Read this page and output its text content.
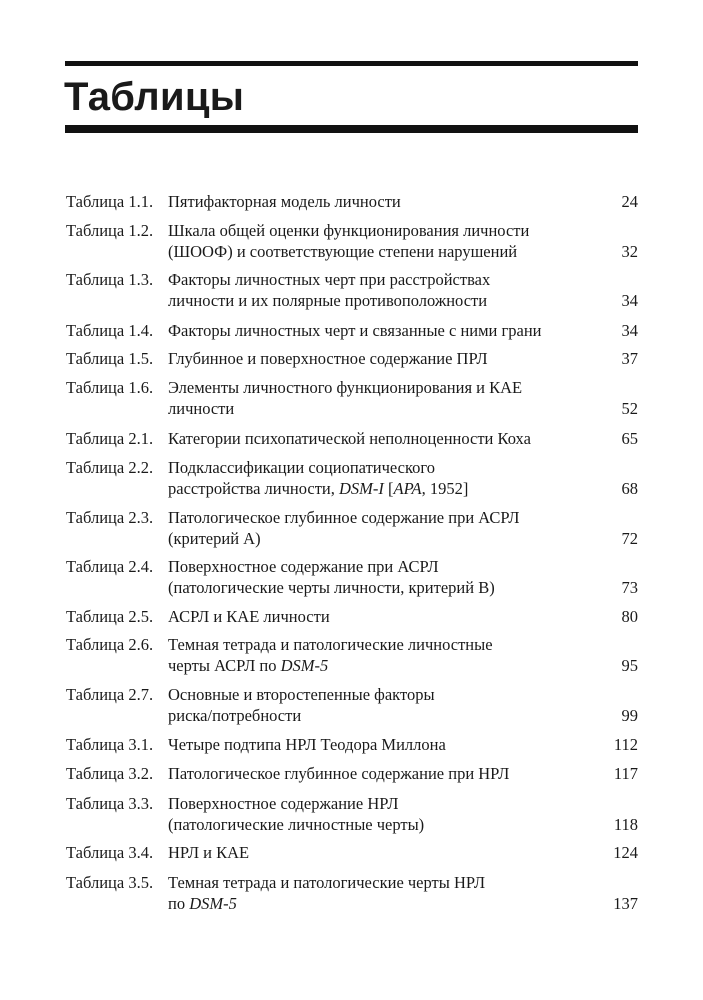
Таблицы
Таблица 1.1. Пятифакторная модель личности	24
Таблица 1.2. Шкала общей оценки функционирования личности
(ШООФ) и соответствующие степени нарушений	32
Таблица 1.3. Факторы личностных черт при расстройствах
личности и их полярные противоположности	34
Таблица 1.4. Факторы личностных черт и связанные с ними грани	34
Таблица 1.5. Глубинное и поверхностное содержание ПРЛ	37
Таблица 1.6. Элементы личностного функционирования и КАЕ
личности	52
Таблица 2.1. Категории психопатической неполноценности Коха	65
Таблица 2.2. Подклассификации социопатического
расстройства личности, DSM-I [APA, 1952]	68
Таблица 2.3. Патологическое глубинное содержание при АСРЛ
(критерий А)	72
Таблица 2.4. Поверхностное содержание при АСРЛ
(патологические черты личности, критерий В)	73
Таблица 2.5. АСРЛ и КАЕ личности	80
Таблица 2.6. Темная тетрада и патологические личностные
черты АСРЛ по DSM-5	95
Таблица 2.7. Основные и второстепенные факторы
риска/потребности	99
Таблица 3.1. Четыре подтипа НРЛ Теодора Миллона	112
Таблица 3.2. Патологическое глубинное содержание при НРЛ	117
Таблица 3.3. Поверхностное содержание НРЛ
(патологические личностные черты)	118
Таблица 3.4. НРЛ и КАЕ	124
Таблица 3.5. Темная тетрада и патологические черты НРЛ
по DSM-5	137
